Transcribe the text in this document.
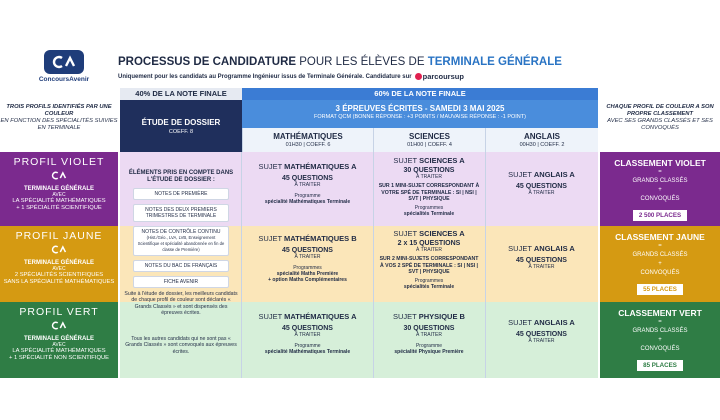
ConcoursAvenir
PROCESSUS DE CANDIDATURE POUR LES ÉLÈVES DE TERMINALE GÉNÉRALE
Uniquement pour les candidats au Programme Ingénieur issus de Terminale Générale. Candidature sur parcoursup
TROIS PROFILS IDENTIFIÉS PAR UNE COULEUR
EN FONCTION DES SPÉCIALITÉS SUIVIES EN TERMINALE
CHAQUE PROFIL DE COULEUR A SON PROPRE CLASSEMENT
AVEC SES GRANDS CLASSÉS ET SES CONVOQUÉS
40% DE LA NOTE FINALE	60% DE LA NOTE FINALE
ÉTUDE DE DOSSIER
COEFF. 8
3 ÉPREUVES ÉCRITES - SAMEDI 3 MAI 2025
FORMAT QCM (BONNE RÉPONSE : +3 POINTS / MAUVAISE RÉPONSE : -1 POINT)
MATHÉMATIQUES
01H30 | COEFF. 6
SCIENCES
01H00 | COEFF. 4
ANGLAIS
00H30 | COEFF. 2
PROFIL VIOLET
TERMINALE GÉNÉRALE
AVEC
LA SPÉCIALITÉ MATHÉMATIQUES
+ 1 SPÉCIALITÉ SCIENTIFIQUE
PROFIL JAUNE
TERMINALE GÉNÉRALE
AVEC
2 SPÉCIALITÉS SCIENTIFIQUES
SANS LA SPÉCIALITÉ MATHÉMATIQUES
PROFIL VERT
TERMINALE GÉNÉRALE
AVEC
LA SPÉCIALITÉ MATHÉMATIQUES
+ 1 SPÉCIALITÉ NON SCIENTIFIQUE
ÉLÉMENTS PRIS EN COMPTE DANS L'ÉTUDE DE DOSSIER :
NOTES DE PREMIÈRE
NOTES DES DEUX PREMIERS TRIMESTRES DE TERMINALE
NOTES DE CONTRÔLE CONTINU
(Hist./Géo., LVA, LVB, Enseignement Scientifique et spécialité abandonnée en fin de classe de Première)
NOTES DU BAC DE FRANÇAIS
FICHE AVENIR
Suite à l'étude de dossier, les meilleurs candidats de chaque profil de couleur sont déclarés « Grands Classés » et sont dispensés des épreuves écrites.
Tous les autres candidats qui ne sont pas « Grands Classés » sont convoqués aux épreuves écrites.
SUJET MATHÉMATIQUES A
45 QUESTIONS
À TRAITER
Programme
spécialité Mathématiques Terminale
SUJET SCIENCES A
30 QUESTIONS
À TRAITER
SUR 1 MINI-SUJET CORRESPONDANT À VOTRE SPÉ DE TERMINALE : SI | NSI | SVT | PHYSIQUE
Programmes
spécialités Terminale
SUJET ANGLAIS A
45 QUESTIONS
À TRAITER
SUJET MATHÉMATIQUES B
45 QUESTIONS
À TRAITER
Programmes
spécialité Maths Première
+ option Maths Complémentaires
SUJET SCIENCES A
2 x 15 QUESTIONS
À TRAITER
SUR 2 MINI-SUJETS CORRESPONDANT À VOS 2 SPÉ DE TERMINALE : SI | NSI | SVT | PHYSIQUE
Programmes
spécialités Terminale
SUJET ANGLAIS A
45 QUESTIONS
À TRAITER
SUJET MATHÉMATIQUES A
45 QUESTIONS
À TRAITER
Programme
spécialité Mathématiques Terminale
SUJET PHYSIQUE B
30 QUESTIONS
À TRAITER
Programme
spécialité Physique Première
SUJET ANGLAIS A
45 QUESTIONS
À TRAITER
CLASSEMENT VIOLET
=
GRANDS CLASSÉS
+
CONVOQUÉS
2 500 PLACES
CLASSEMENT JAUNE
=
GRANDS CLASSÉS
+
CONVOQUÉS
55 PLACES
CLASSEMENT VERT
=
GRANDS CLASSÉS
+
CONVOQUÉS
85 PLACES
